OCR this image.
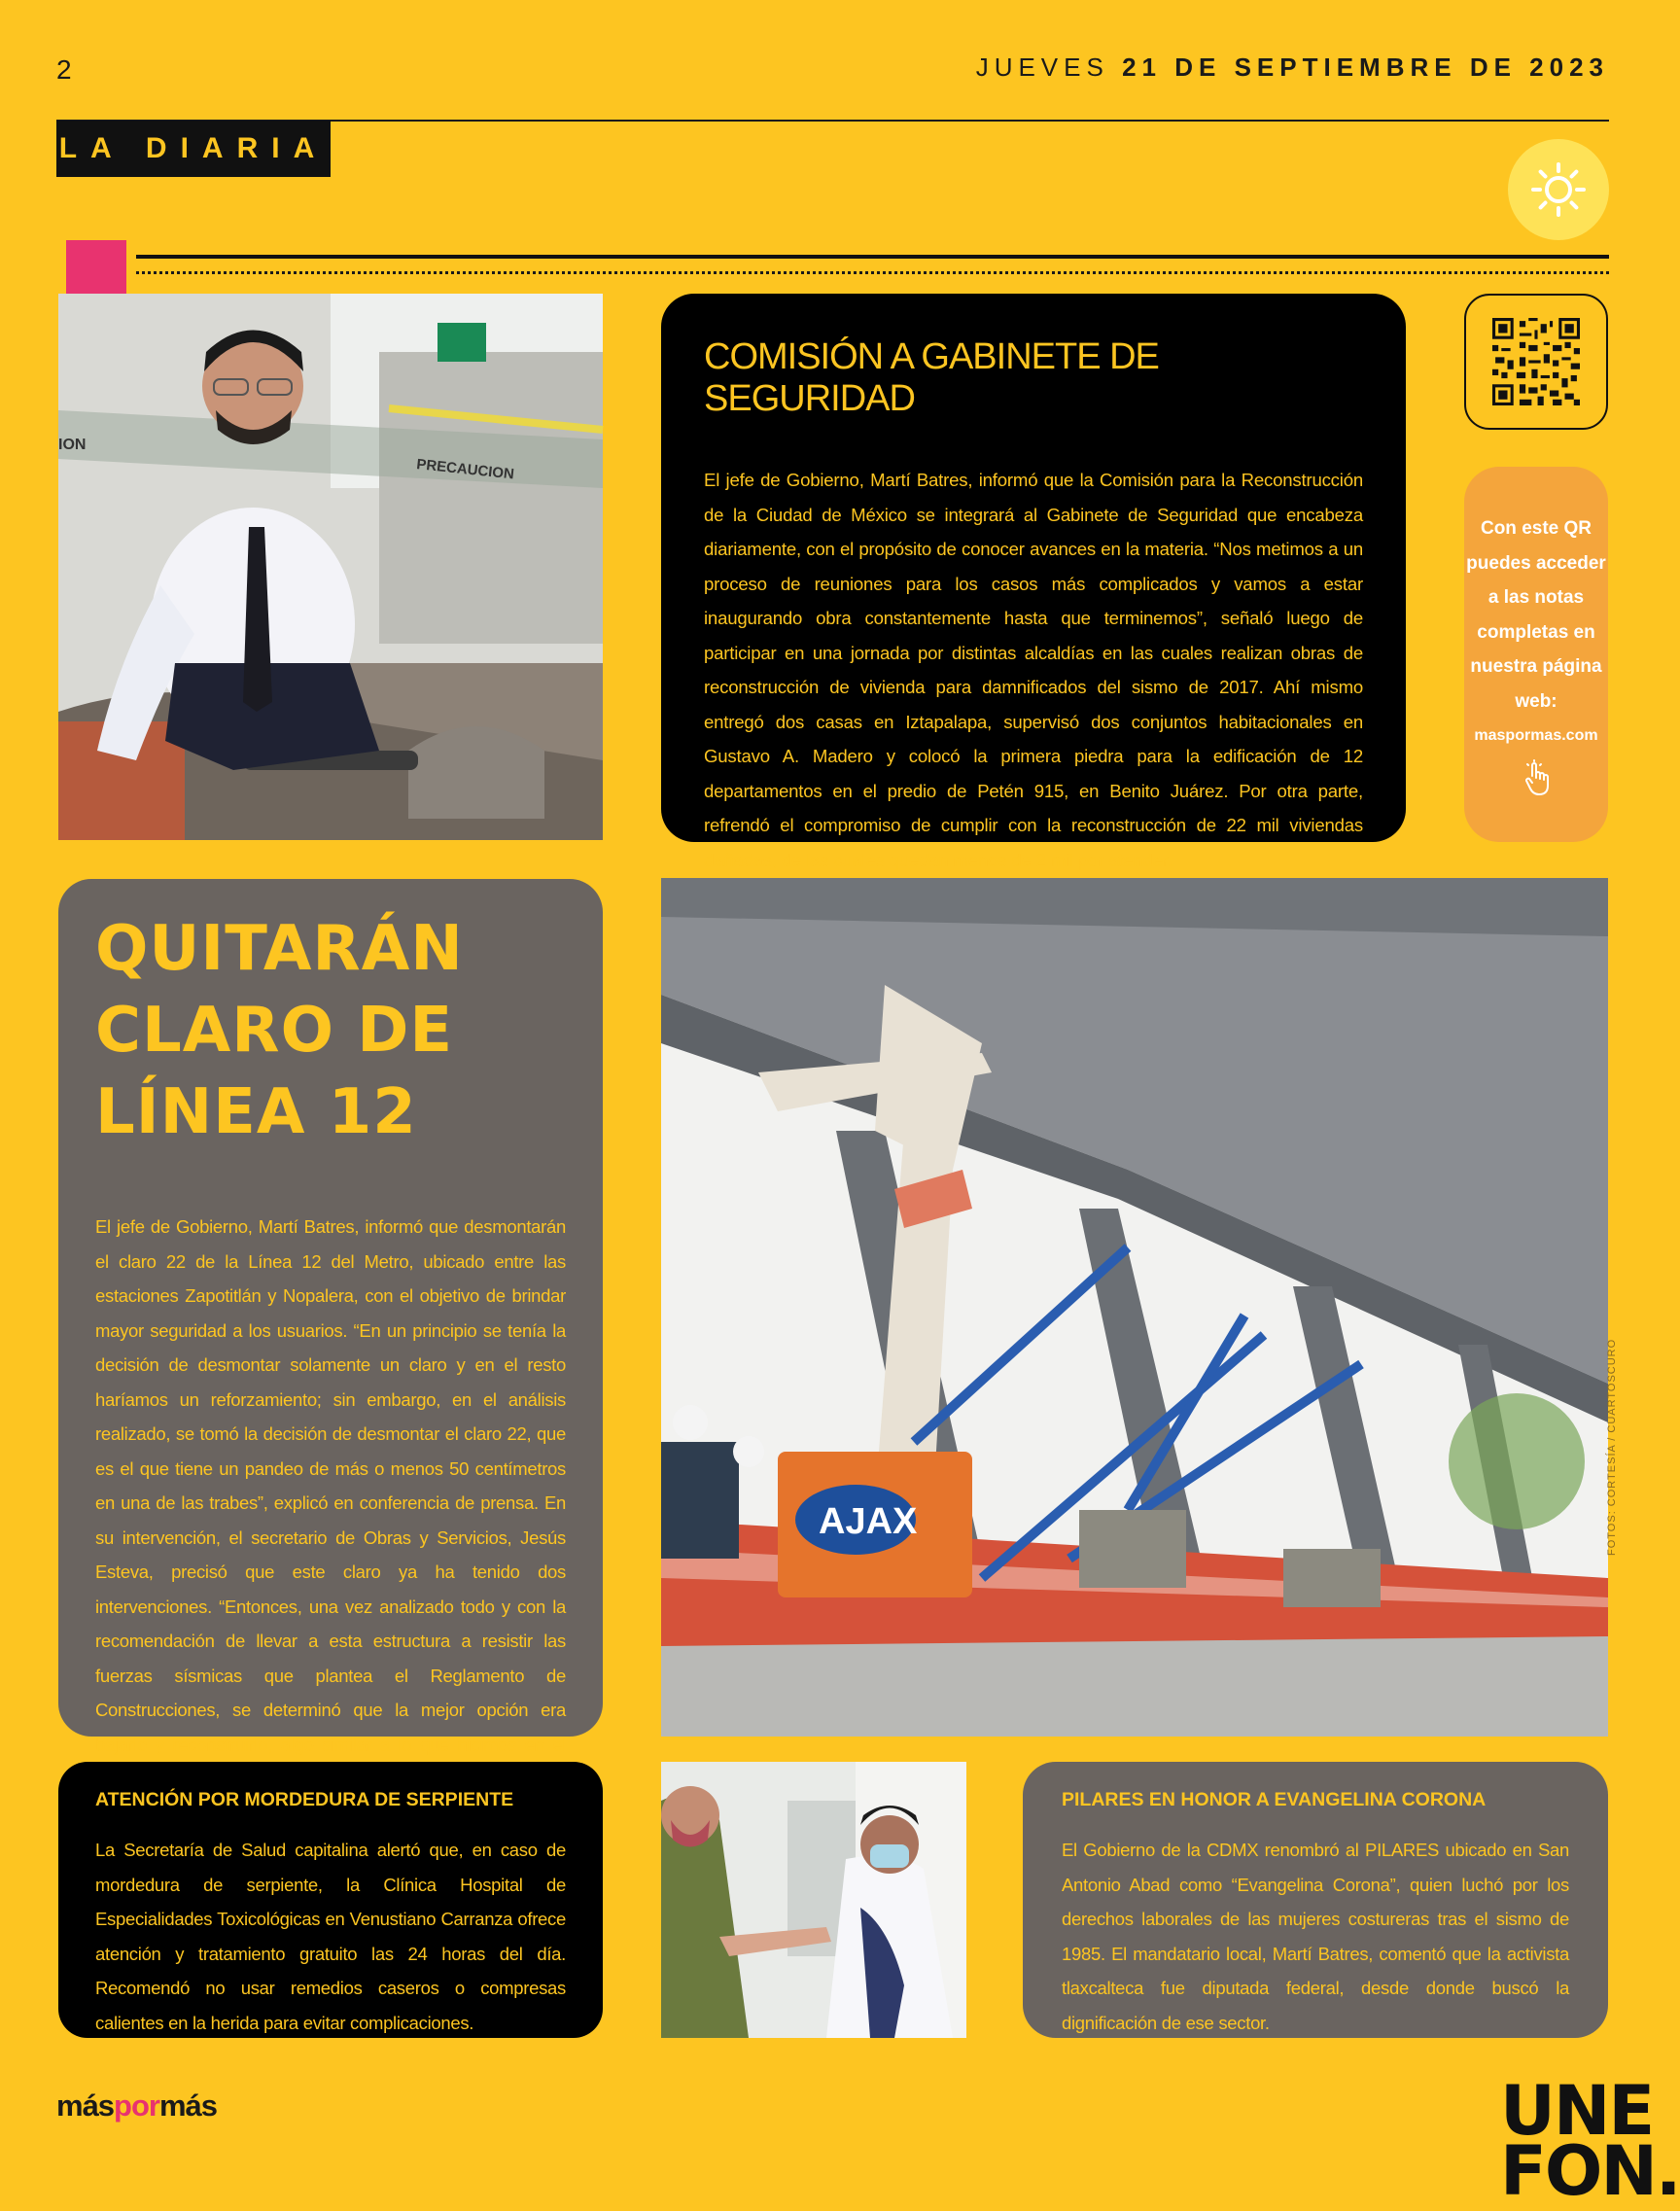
2	JUEVES 21 DE SEPTIEMBRE DE 2023
LA DIARIA
PRECAUCION
ION
COMISIÓN A GABINETE DE SEGURIDAD

El jefe de Gobierno, Martí Batres, informó que la Comisión para la Reconstrucción de la Ciudad de México se integrará al Gabinete de Seguridad que encabeza diariamente, con el propósito de conocer avances en la materia. “Nos metimos a un proceso de reuniones para los casos más complicados y vamos a estar inaugurando obra constantemente hasta que terminemos”, señaló luego de participar en una jornada por distintas alcaldías en las cuales realizan obras de reconstrucción de vivienda para damnificados del sismo de 2017. Ahí mismo entregó dos casas en Iztapalapa, supervisó dos conjuntos habitacionales en Gustavo A. Madero y colocó la primera piedra para la edificación de 12 departamentos en el predio de Petén 915, en Benito Juárez. Por otra parte, refrendó el compromiso de cumplir con la reconstrucción de 22 mil viviendas dañadas, de las cuales quedan menos de 2 mil por atender.

Con este QR puedes acceder a las notas completas en nuestra página web:
maspormas.com
QUITARÁN
CLARO DE
LÍNEA 12

El jefe de Gobierno, Martí Batres, informó que desmontarán el claro 22 de la Línea 12 del Metro, ubicado entre las estaciones Zapotitlán y Nopalera, con el objetivo de brindar mayor seguridad a los usuarios. “En un principio se tenía la decisión de desmontar solamente un claro y en el resto haríamos un reforzamiento; sin embargo, en el análisis realizado, se tomó la decisión de desmontar el claro 22, que es el que tiene un pandeo de más o menos 50 centímetros en una de las trabes”, explicó en conferencia de prensa. En su intervención, el secretario de Obras y Servicios, Jesús Esteva, precisó que este claro ya ha tenido dos intervenciones. “Entonces, una vez analizado todo y con la recomendación de llevar a esta estructura a resistir las fuerzas sísmicas que plantea el Reglamento de Construcciones, se determinó que la mejor opción era bajarlo y reconstruirlo, algo similar a lo que hicimos en el

AJAX	FOTOS: CORTESÍA / CUARTOSCURO
ATENCIÓN POR MORDEDURA DE SERPIENTE

La Secretaría de Salud capitalina alertó que, en caso de mordedura de serpiente, la Clínica Hospital de Especialidades Toxicológicas en Venustiano Carranza ofrece atención y tratamiento gratuito las 24 horas del día. Recomendó no usar remedios caseros o compresas calientes en la herida para evitar complicaciones.

PILARES EN HONOR A EVANGELINA CORONA

El Gobierno de la CDMX renombró al PILARES ubicado en San Antonio Abad como “Evangelina Corona”, quien luchó por los derechos laborales de las mujeres costureras tras el sismo de 1985. El mandatario local, Martí Batres, comentó que la activista tlaxcalteca fue diputada federal, desde donde buscó la dignificación de ese sector.

máspormás	UNE
FON.
